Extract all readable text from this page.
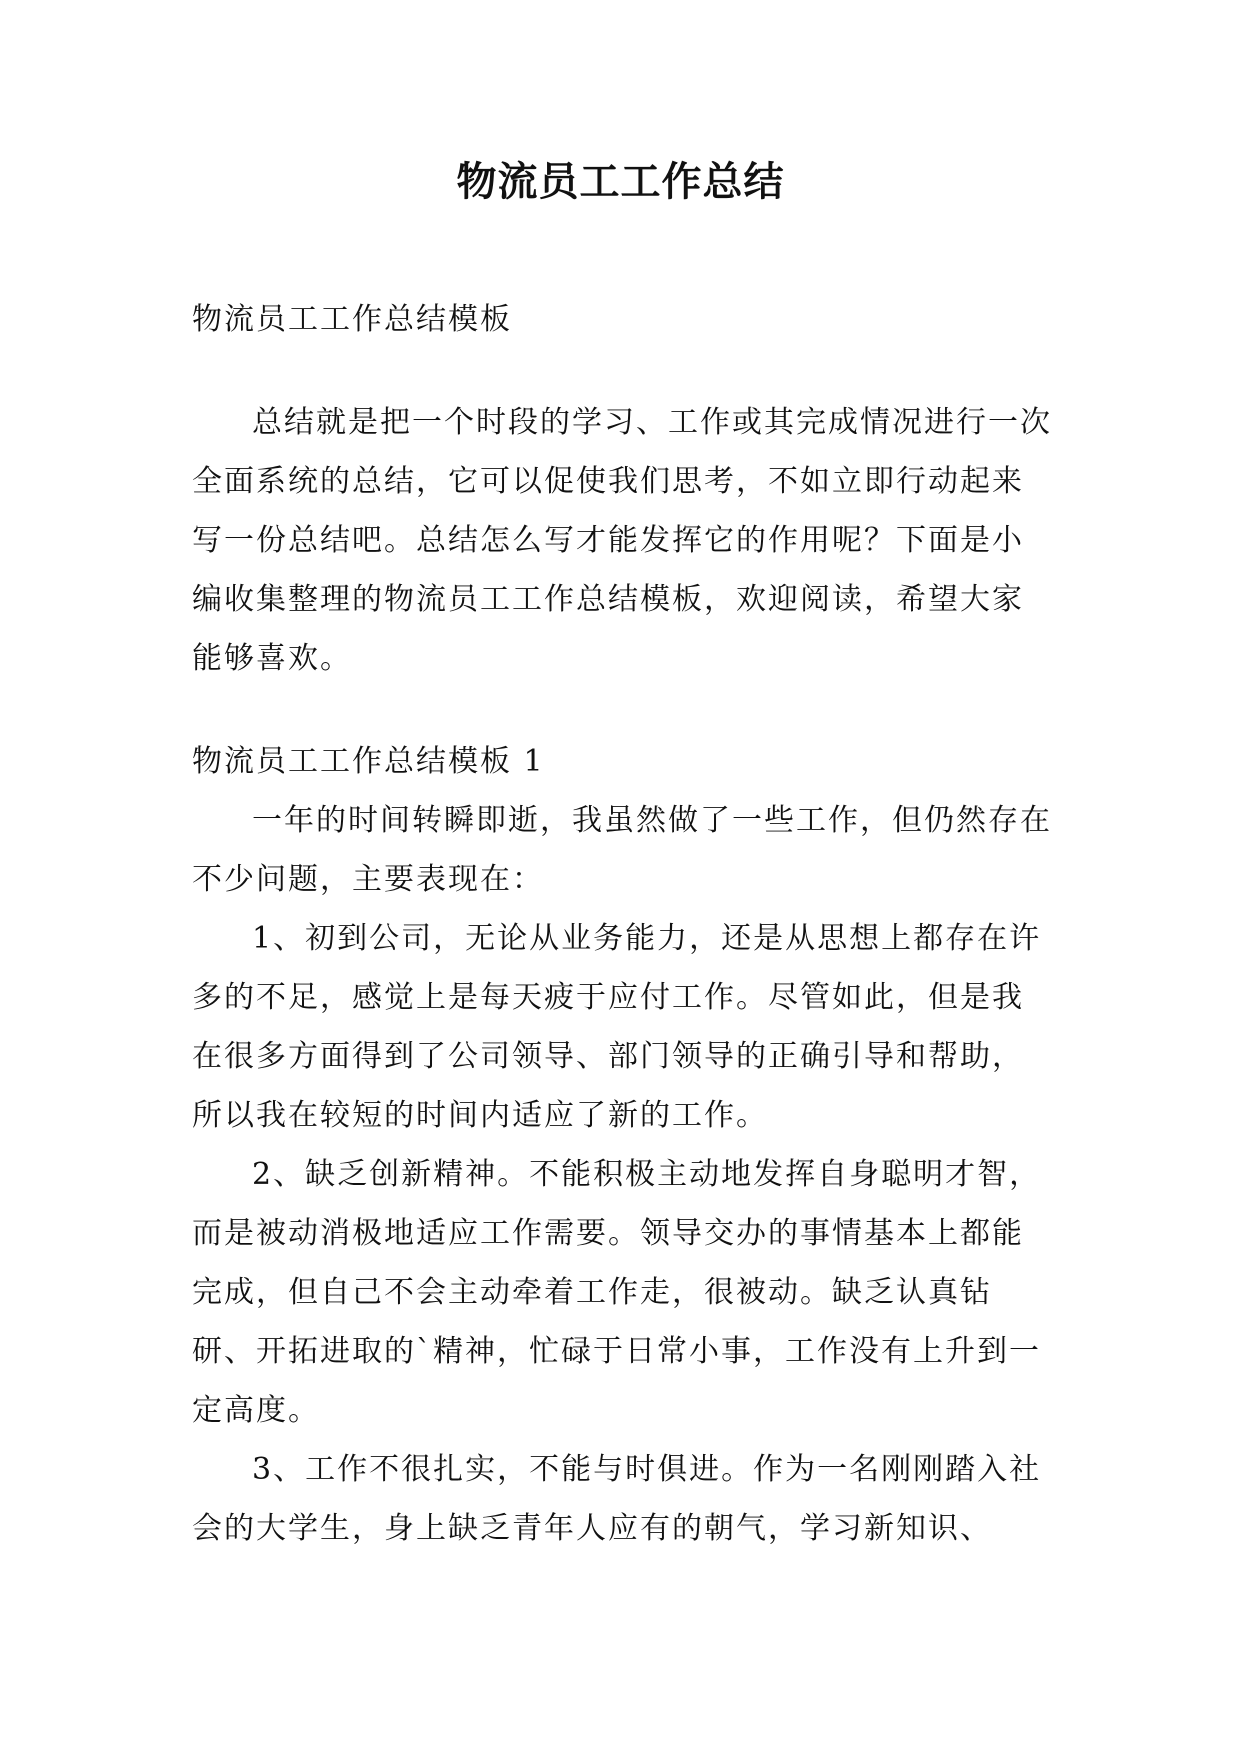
物流员工工作总结

物流员工工作总结模板

总结就是把一个时段的学习、工作或其完成情况进行一次全面系统的总结，它可以促使我们思考，不如立即行动起来写一份总结吧。总结怎么写才能发挥它的作用呢？下面是小编收集整理的物流员工工作总结模板，欢迎阅读，希望大家能够喜欢。

物流员工工作总结模板 1

一年的时间转瞬即逝，我虽然做了一些工作，但仍然存在不少问题，主要表现在：

1、初到公司，无论从业务能力，还是从思想上都存在许多的不足，感觉上是每天疲于应付工作。尽管如此，但是我在很多方面得到了公司领导、部门领导的正确引导和帮助，所以我在较短的时间内适应了新的工作。

2、缺乏创新精神。不能积极主动地发挥自身聪明才智，而是被动消极地适应工作需要。领导交办的事情基本上都能完成，但自己不会主动牵着工作走，很被动。缺乏认真钻研、开拓进取的`精神，忙碌于日常小事，工作没有上升到一定高度。

3、工作不很扎实，不能与时俱进。作为一名刚刚踏入社会的大学生，身上缺乏青年人应有的朝气，学习新知识、
